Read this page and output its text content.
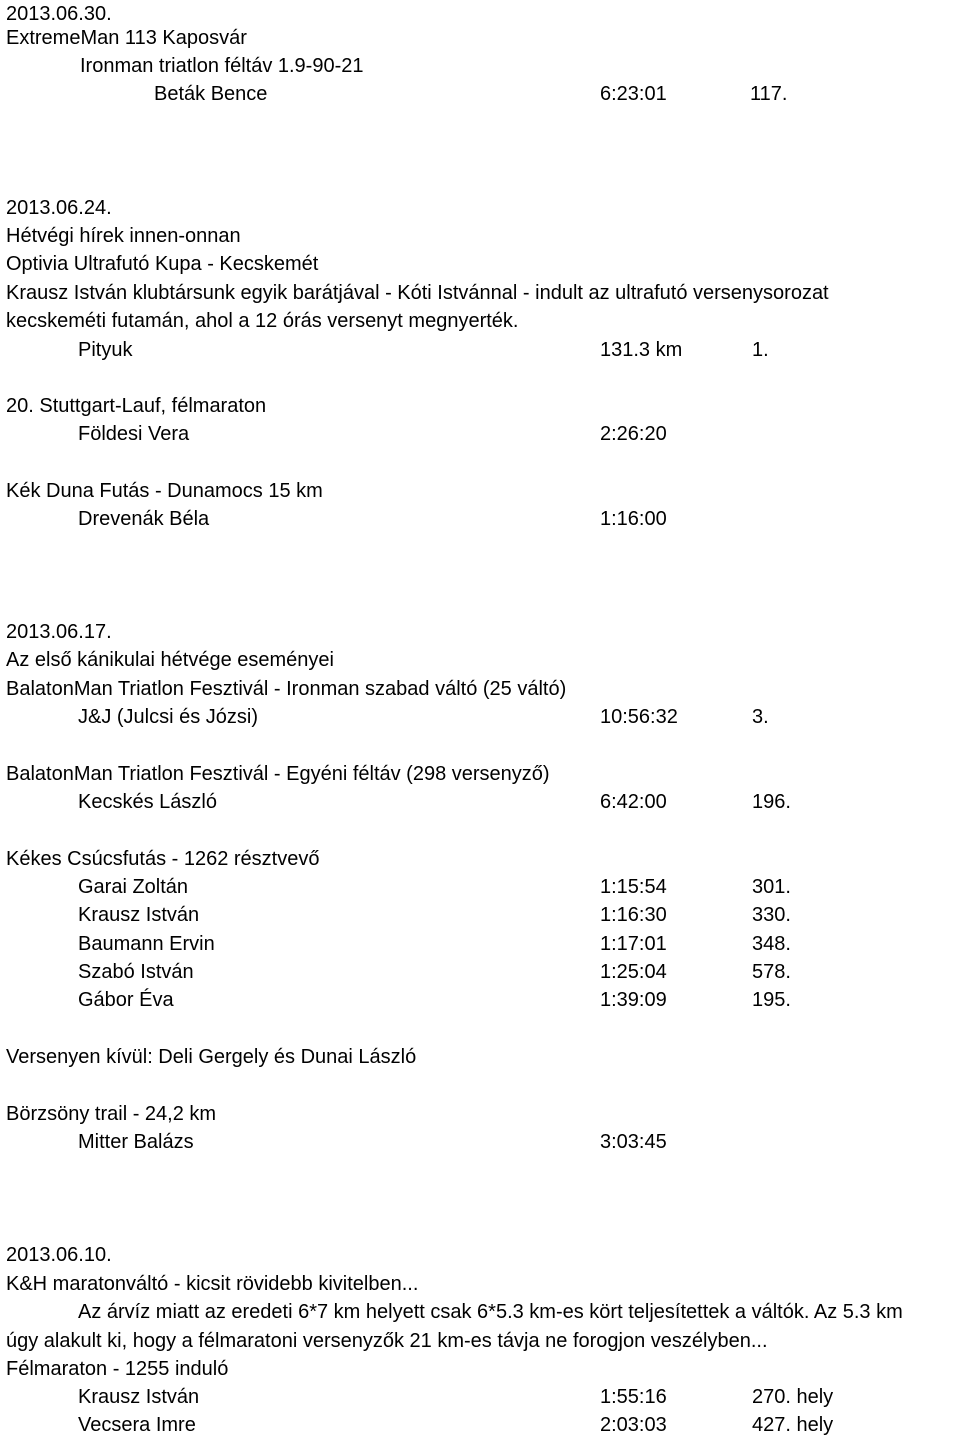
2013.06.30.
ExtremeMan 113 Kaposvár
Ironman triatlon féltáv 1.9-90-21
Beták Bence	6:23:01	117.
2013.06.24.
Hétvégi hírek innen-onnan
Optivia Ultrafutó Kupa - Kecskemét
Krausz István klubtársunk egyik barátjával - Kóti Istvánnal - indult az ultrafutó versenysorozat
kecskeméti futamán, ahol a 12 órás versenyt megnyerték.
Pityuk	131.3 km	1.
20. Stuttgart-Lauf, félmaraton
Földesi Vera	2:26:20
Kék Duna Futás - Dunamocs 15 km
Drevenák Béla	1:16:00
2013.06.17.
Az első kánikulai hétvége eseményei
BalatonMan Triatlon Fesztivál - Ironman szabad váltó (25 váltó)
J&J (Julcsi és Józsi)	10:56:32	3.
BalatonMan Triatlon Fesztivál - Egyéni féltáv (298 versenyző)
Kecskés László	6:42:00	196.
Kékes Csúcsfutás - 1262 résztvevő
Garai Zoltán	1:15:54	301.
Krausz István	1:16:30	330.
Baumann Ervin	1:17:01	348.
Szabó István	1:25:04	578.
Gábor Éva	1:39:09	195.
Versenyen kívül: Deli Gergely és Dunai László
Börzsöny trail - 24,2 km
Mitter Balázs	3:03:45
2013.06.10.
K&H maratonváltó - kicsit rövidebb kivitelben...
Az árvíz miatt az eredeti 6*7 km helyett csak 6*5.3 km-es kört teljesítettek a váltók. Az 5.3 km
úgy alakult ki, hogy a félmaratoni versenyzők 21 km-es távja ne forogjon veszélyben...
Félmaraton - 1255 induló
Krausz István	1:55:16	270. hely
Vecsera Imre	2:03:03	427. hely
